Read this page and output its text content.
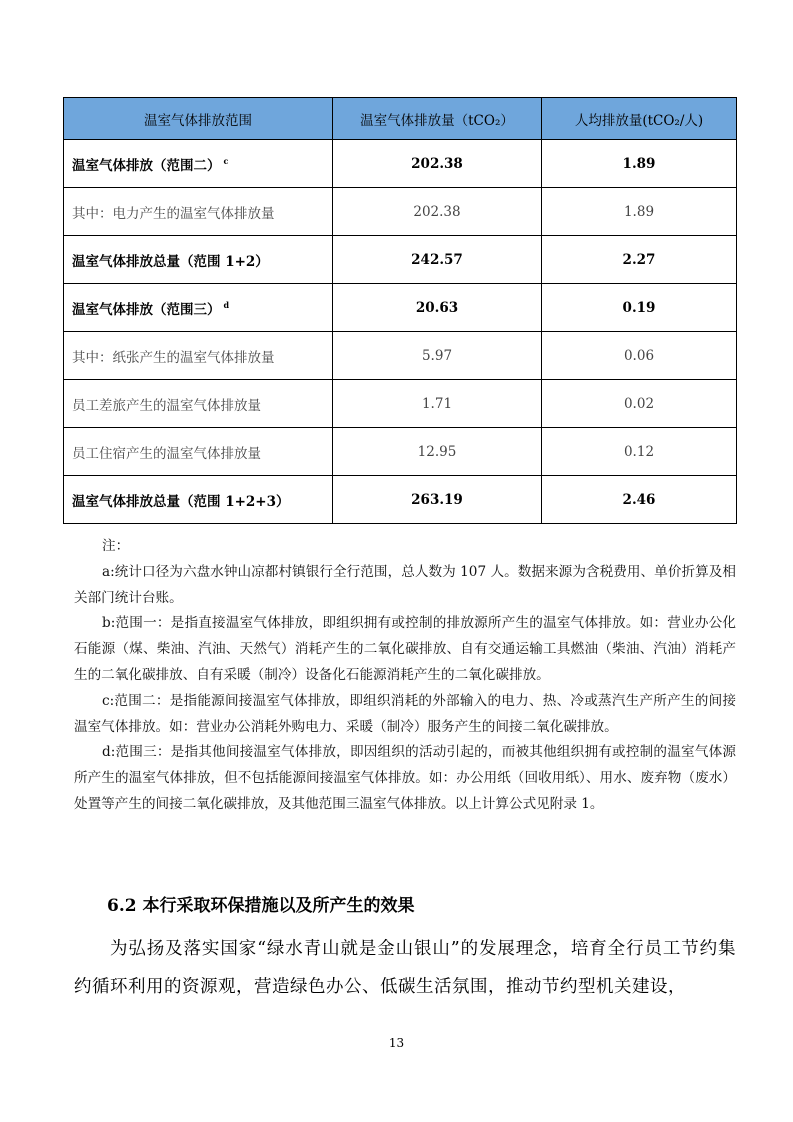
温室气体排放范围	温室气体排放量（tCO₂）	人均排放量(tCO₂/人)
温室气体排放（范围二） $^c$	202.38	1.89
其中：电力产生的温室气体排放量	202.38	1.89
温室气体排放总量（范围 1+2）	242.57	2.27
温室气体排放（范围三） $^d$	20.63	0.19
其中：纸张产生的温室气体排放量	5.97	0.06
员工差旅产生的温室气体排放量	1.71	0.02
员工住宿产生的温室气体排放量	12.95	0.12
温室气体排放总量（范围 1+2+3）	263.19	2.46

注：

a:统计口径为六盘水钟山凉都村镇银行全行范围，总人数为 107 人。数据来源为含税费用、单价折算及相关部门统计台账。

b:范围一：是指直接温室气体排放，即组织拥有或控制的排放源所产生的温室气体排放。如：营业办公化石能源（煤、柴油、汽油、天然气）消耗产生的二氧化碳排放、自有交通运输工具燃油（柴油、汽油）消耗产生的二氧化碳排放、自有采暖（制冷）设备化石能源消耗产生的二氧化碳排放。

c:范围二：是指能源间接温室气体排放，即组织消耗的外部输入的电力、热、冷或蒸汽生产所产生的间接温室气体排放。如：营业办公消耗外购电力、采暖（制冷）服务产生的间接二氧化碳排放。

d:范围三：是指其他间接温室气体排放，即因组织的活动引起的，而被其他组织拥有或控制的温室气体源所产生的温室气体排放，但不包括能源间接温室气体排放。如：办公用纸（回收用纸）、用水、废弃物（废水）处置等产生的间接二氧化碳排放，及其他范围三温室气体排放。以上计算公式见附录 1。

6.2 本行采取环保措施以及所产生的效果

为弘扬及落实国家“绿水青山就是金山银山”的发展理念，培育全行员工节约集约循环利用的资源观，营造绿色办公、低碳生活氛围，推动节约型机关建设，

13
